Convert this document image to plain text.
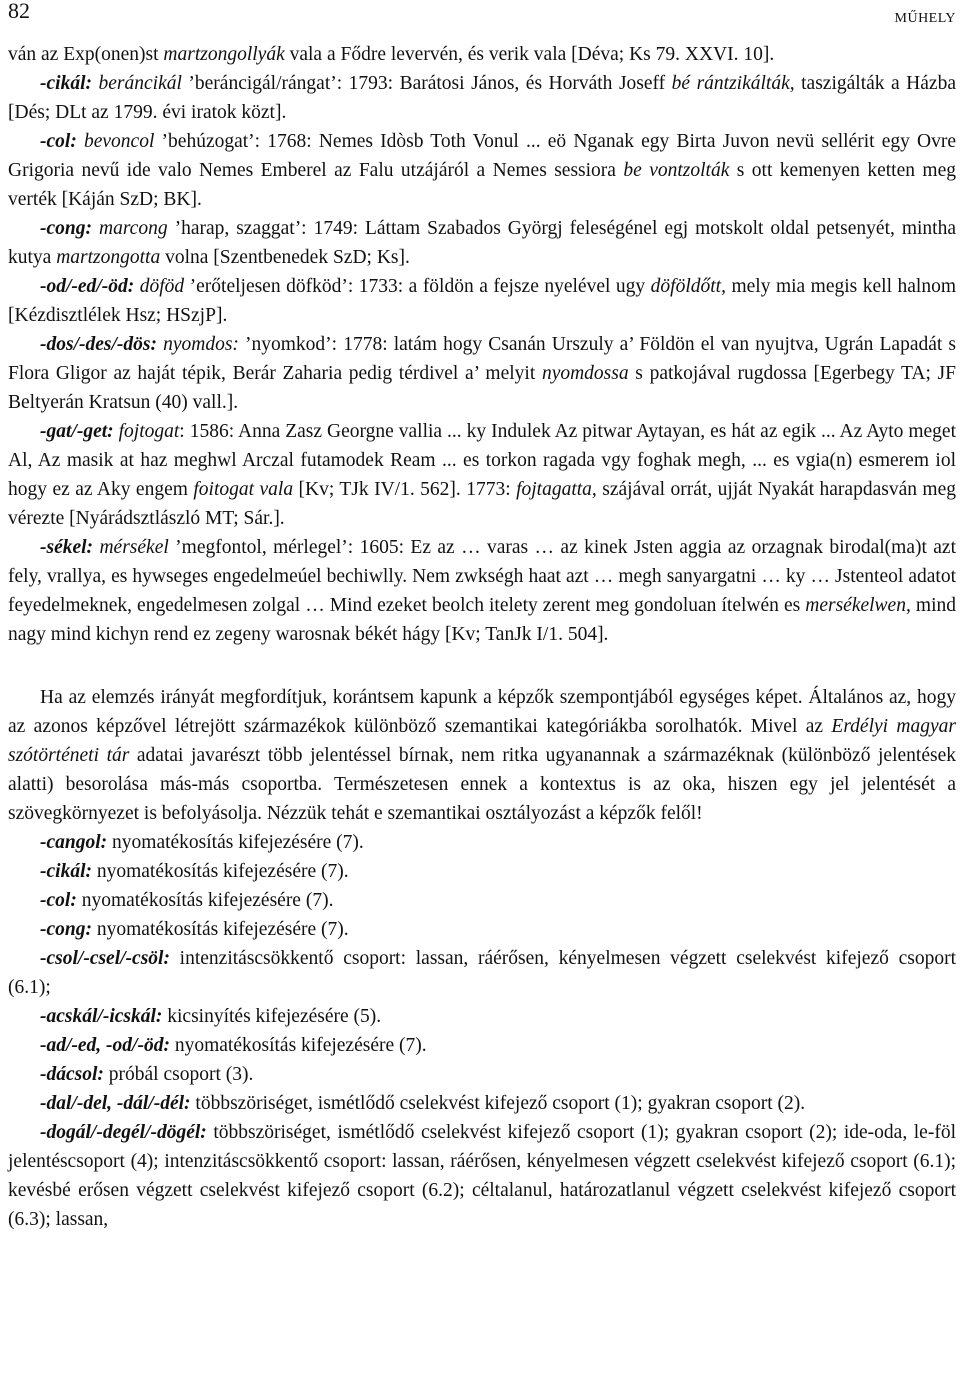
82	MŰHELY

ván az Exp(onen)st martzongollyák vala a Fődre levervén, és verik vala [Déva; Ks 79. XXVI. 10].

-cikál: beráncikál ’beráncigál/rángat’: 1793: Barátosi János, és Horváth Joseff bé rántzikálták, taszigálták a Házba [Dés; DLt az 1799. évi iratok közt].

-col: bevoncol ’behúzogat’: 1768: Nemes Idòsb Toth Vonul ... eö Nganak egy Birta Juvon nevü sellérit egy Ovre Grigoria nevű ide valo Nemes Emberel az Falu utzájáról a Nemes sessiora be vontzolták s ott kemenyen ketten meg verték [Káján SzD; BK].

-cong: marcong ’harap, szaggat’: 1749: Láttam Szabados Györgj feleségénel egj motskolt oldal petsenyét, mintha kutya martzongotta volna [Szentbenedek SzD; Ks].

-od/-ed/-öd: döföd ’erőteljesen döfköd’: 1733: a földön a fejsze nyelével ugy döföldőtt, mely mia megis kell halnom [Kézdisztlélek Hsz; HSzjP].

-dos/-des/-dös: nyomdos: ’nyomkod’: 1778: latám hogy Csanán Urszuly a’ Földön el van nyujtva, Ugrán Lapadát s Flora Gligor az haját tépik, Berár Zaharia pedig térdivel a’ melyit nyomdossa s patkojával rugdossa [Egerbegy TA; JF Beltyerán Kratsun (40) vall.].

-gat/-get: fojtogat: 1586: Anna Zasz Georgne vallia ... ky Indulek Az pitwar Aytayan, es hát az egik ... Az Ayto meget Al, Az masik at haz meghwl Arczal futamodek Ream ... es torkon ragada vgy foghak megh, ... es vgia(n) esmerem iol hogy ez az Aky engem foitogat vala [Kv; TJk IV/1. 562]. 1773: fojtagatta, szájával orrát, ujját Nyakát harapdasván meg vérezte [Nyárádsztlászló MT; Sár.].

-sékel: mérsékel ’megfontol, mérlegel’: 1605: Ez az … varas … az kinek Jsten aggia az orzagnak birodal(ma)t azt fely, vrallya, es hywseges engedelmeúel bechiwlly. Nem zwkségh haat azt … megh sanyargatni … ky … Jstenteol adatot feyedelmeknek, engedelmesen zolgal … Mind ezeket beolch itelety zerent meg gondoluan ítelwén es mersékelwen, mind nagy mind kichyn rend ez zegeny warosnak békét hágy [Kv; TanJk I/1. 504].

Ha az elemzés irányát megfordítjuk, korántsem kapunk a képzők szempontjából egységes képet. Általános az, hogy az azonos képzővel létrejött származékok különböző szemantikai kategóriákba sorolhatók. Mivel az Erdélyi magyar szótörténeti tár adatai javarészt több jelentéssel bírnak, nem ritka ugyanannak a származéknak (különböző jelentések alatti) besorolása más-más csoportba. Természetesen ennek a kontextus is az oka, hiszen egy jel jelentését a szövegkörnyezet is befolyásolja. Nézzük tehát e szemantikai osztályozást a képzők felől!

-cangol: nyomatékosítás kifejezésére (7).

-cikál: nyomatékosítás kifejezésére (7).

-col: nyomatékosítás kifejezésére (7).

-cong: nyomatékosítás kifejezésére (7).

-csol/-csel/-csöl: intenzitáscsökkentő csoport: lassan, ráérősen, kényelmesen végzett cselekvést kifejező csoport (6.1);

-acskál/-icskál: kicsinyítés kifejezésére (5).

-ad/-ed, -od/-öd: nyomatékosítás kifejezésére (7).

-dácsol: próbál csoport (3).

-dal/-del, -dál/-dél: többszöriséget, ismétlődő cselekvést kifejező csoport (1); gyakran csoport (2).

-dogál/-degél/-dögél: többszöriséget, ismétlődő cselekvést kifejező csoport (1); gyakran csoport (2); ide-oda, le-föl jelentéscsoport (4); intenzitáscsökkentő csoport: lassan, ráérősen, kényelmesen végzett cselekvést kifejező csoport (6.1); kevésbé erősen végzett cselekvést kifejező csoport (6.2); céltalanul, határozatlanul végzett cselekvést kifejező csoport (6.3); lassan,
